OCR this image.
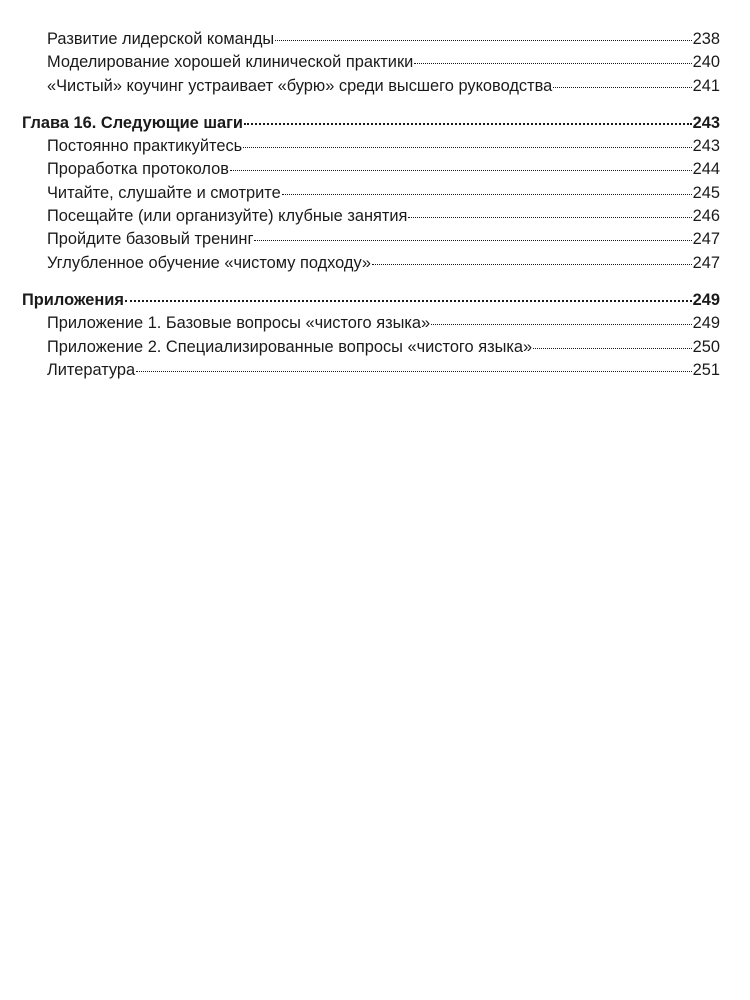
Развитие лидерской команды	238
Моделирование хорошей клинической практики	240
«Чистый» коучинг устраивает «бурю» среди высшего руководства	241
Глава 16. Следующие шаги	243
Постоянно практикуйтесь	243
Проработка протоколов	244
Читайте, слушайте и смотрите	245
Посещайте (или организуйте) клубные занятия	246
Пройдите базовый тренинг	247
Углубленное обучение «чистому подходу»	247
Приложения	249
Приложение 1. Базовые вопросы «чистого языка»	249
Приложение 2. Специализированные вопросы «чистого языка»	250
Литература	251
